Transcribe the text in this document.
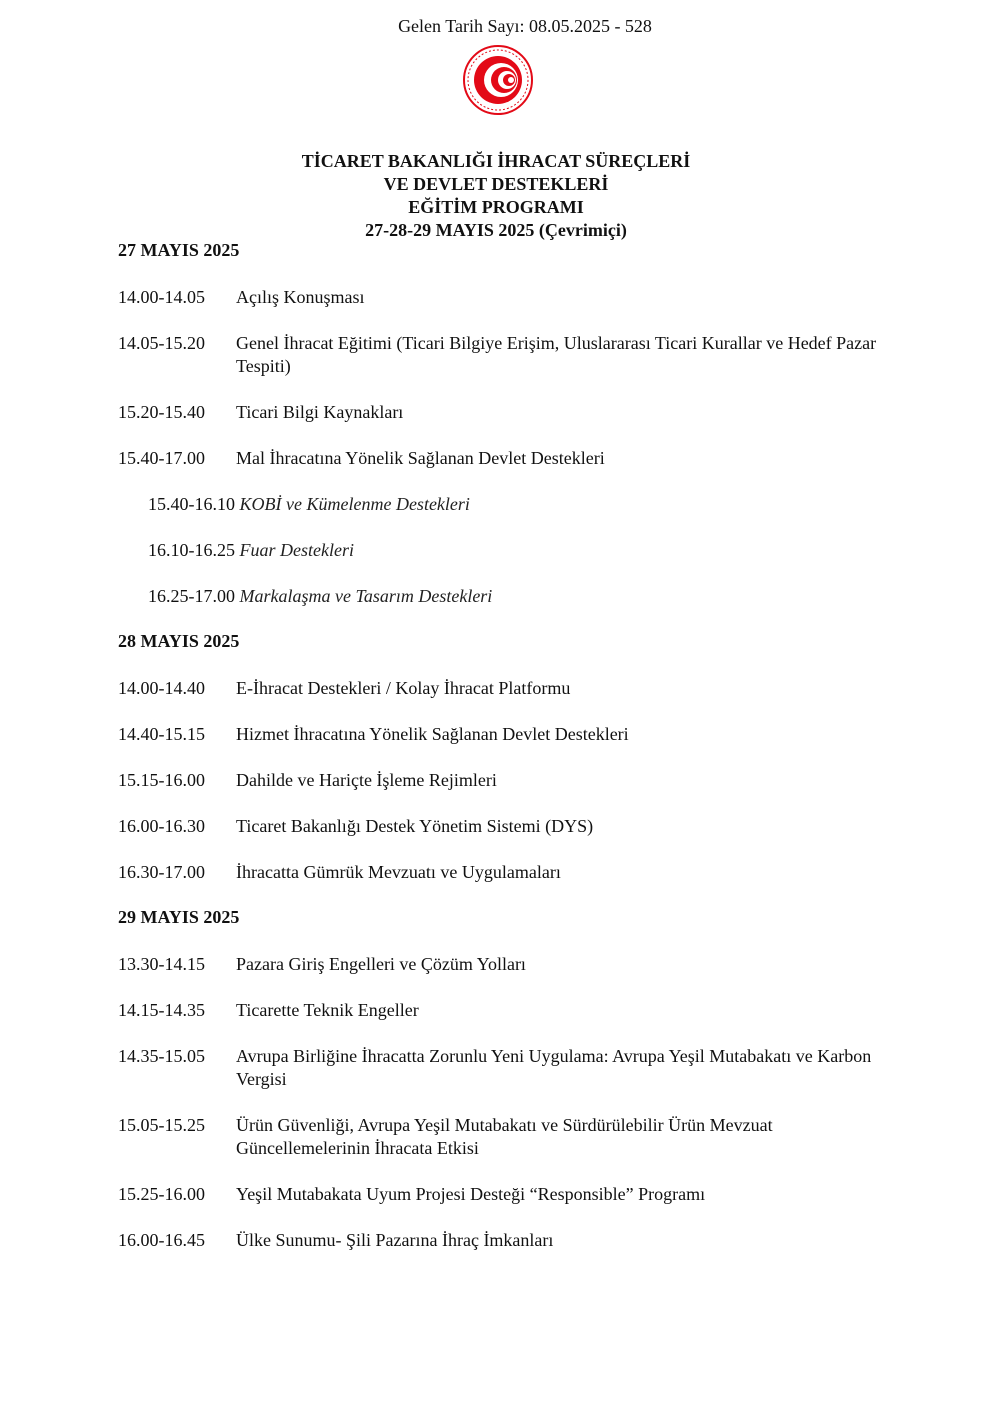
Gelen Tarih Sayı: 08.05.2025 - 528
TİCARET BAKANLIĞI İHRACAT SÜREÇLERİ
VE DEVLET DESTEKLERİ
EĞİTİM PROGRAMI
27-28-29 MAYIS 2025 (Çevrimiçi)
27 MAYIS 2025
14.00-14.05	Açılış Konuşması
14.05-15.20	Genel İhracat Eğitimi (Ticari Bilgiye Erişim, Uluslararası Ticari Kurallar ve Hedef Pazar Tespiti)
15.20-15.40	Ticari Bilgi Kaynakları
15.40-17.00	Mal İhracatına Yönelik Sağlanan Devlet Destekleri
15.40-16.10 KOBİ ve Kümelenme Destekleri
16.10-16.25 Fuar Destekleri
16.25-17.00 Markalaşma ve Tasarım Destekleri
28 MAYIS 2025
14.00-14.40	E-İhracat Destekleri / Kolay İhracat Platformu
14.40-15.15	Hizmet İhracatına Yönelik Sağlanan Devlet Destekleri
15.15-16.00	Dahilde ve Hariçte İşleme Rejimleri
16.00-16.30	Ticaret Bakanlığı Destek Yönetim Sistemi (DYS)
16.30-17.00	İhracatta Gümrük Mevzuatı ve Uygulamaları
29 MAYIS 2025
13.30-14.15	Pazara Giriş Engelleri ve Çözüm Yolları
14.15-14.35	Ticarette Teknik Engeller
14.35-15.05	Avrupa Birliğine İhracatta Zorunlu Yeni Uygulama: Avrupa Yeşil Mutabakatı ve Karbon Vergisi
15.05-15.25	Ürün Güvenliği, Avrupa Yeşil Mutabakatı ve Sürdürülebilir Ürün Mevzuat Güncellemelerinin İhracata Etkisi
15.25-16.00	Yeşil Mutabakata Uyum Projesi Desteği “Responsible” Programı
16.00-16.45	Ülke Sunumu- Şili Pazarına İhraç İmkanları
